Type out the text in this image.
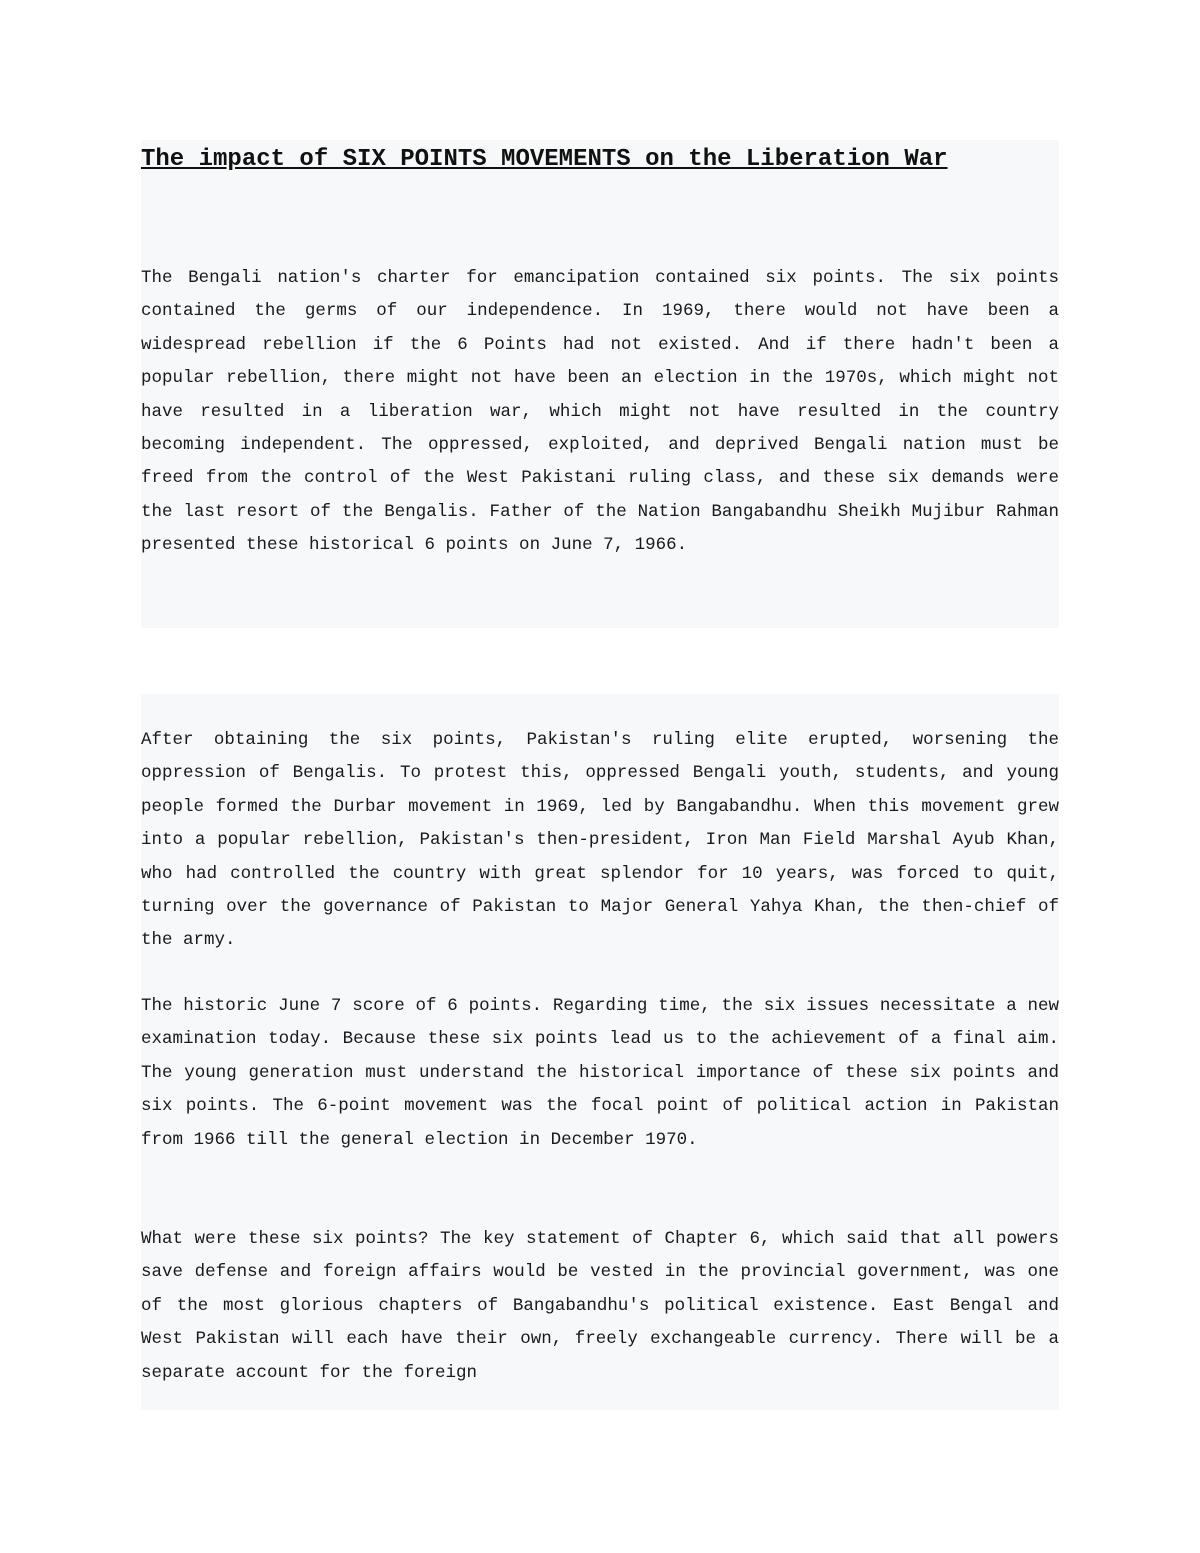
The impact of SIX POINTS MOVEMENTS on the Liberation War

The Bengali nation's charter for emancipation contained six points. The six points contained the germs of our independence. In 1969, there would not have been a widespread rebellion if the 6 Points had not existed. And if there hadn't been a popular rebellion, there might not have been an election in the 1970s, which might not have resulted in a liberation war, which might not have resulted in the country becoming independent. The oppressed, exploited, and deprived Bengali nation must be freed from the control of the West Pakistani ruling class, and these six demands were the last resort of the Bengalis. Father of the Nation Bangabandhu Sheikh Mujibur Rahman presented these historical 6 points on June 7, 1966.

After obtaining the six points, Pakistan's ruling elite erupted, worsening the oppression of Bengalis. To protest this, oppressed Bengali youth, students, and young people formed the Durbar movement in 1969, led by Bangabandhu. When this movement grew into a popular rebellion, Pakistan's then-president, Iron Man Field Marshal Ayub Khan, who had controlled the country with great splendor for 10 years, was forced to quit, turning over the governance of Pakistan to Major General Yahya Khan, the then-chief of the army.

The historic June 7 score of 6 points. Regarding time, the six issues necessitate a new examination today. Because these six points lead us to the achievement of a final aim. The young generation must understand the historical importance of these six points and six points. The 6-point movement was the focal point of political action in Pakistan from 1966 till the general election in December 1970.

What were these six points? The key statement of Chapter 6, which said that all powers save defense and foreign affairs would be vested in the provincial government, was one of the most glorious chapters of Bangabandhu's political existence. East Bengal and West Pakistan will each have their own, freely exchangeable currency. There will be a separate account for the foreign
